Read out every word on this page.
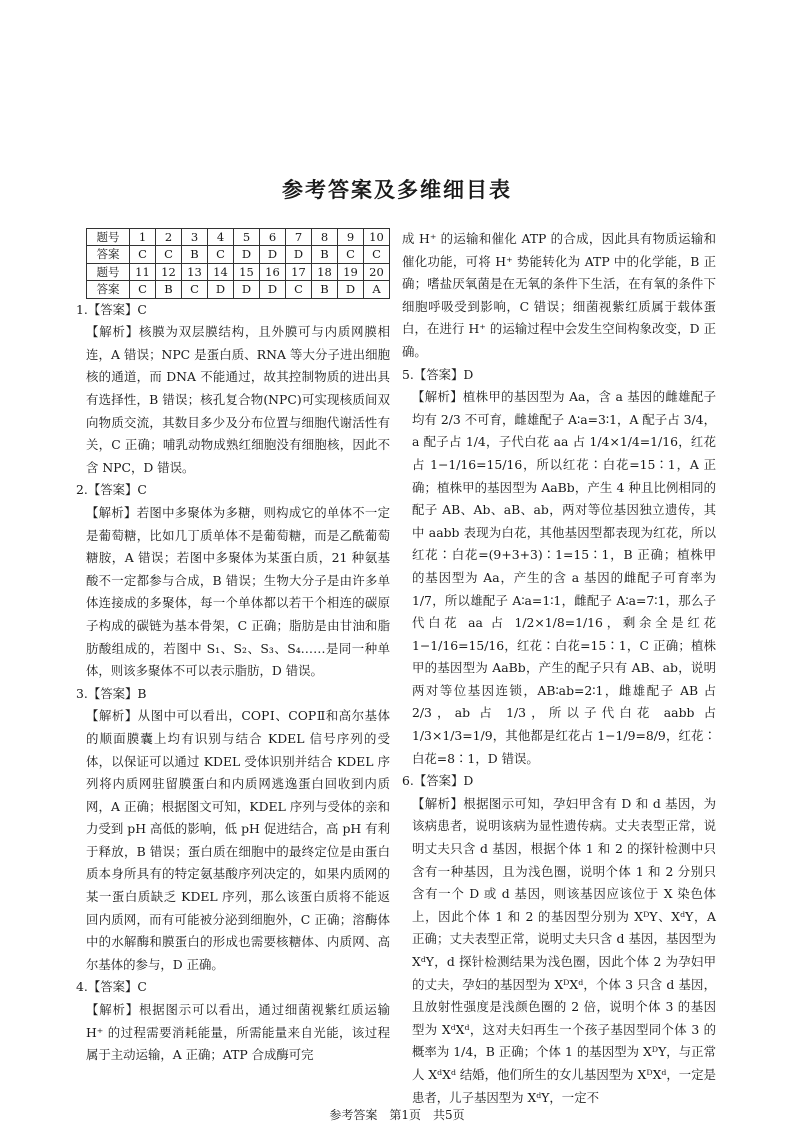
参考答案及多维细目表
题号	1	2	3	4	5	6	7	8	9	10
答案	C	C	B	C	D	D	D	B	C	C
题号	11	12	13	14	15	16	17	18	19	20
答案	C	B	C	D	D	D	C	B	D	A
1.【答案】C
【解析】核膜为双层膜结构，且外膜可与内质网膜相连，A 错误；NPC 是蛋白质、RNA 等大分子进出细胞核的通道，而 DNA 不能通过，故其控制物质的进出具有选择性，B 错误；核孔复合物(NPC)可实现核质间双向物质交流，其数目多少及分布位置与细胞代谢活性有关，C 正确；哺乳动物成熟红细胞没有细胞核，因此不含 NPC，D 错误。
2.【答案】C
【解析】若图中多聚体为多糖，则构成它的单体不一定是葡萄糖，比如几丁质单体不是葡萄糖，而是乙酰葡萄糖胺，A 错误；若图中多聚体为某蛋白质，21 种氨基酸不一定都参与合成，B 错误；生物大分子是由许多单体连接成的多聚体，每一个单体都以若干个相连的碳原子构成的碳链为基本骨架，C 正确；脂肪是由甘油和脂肪酸组成的，若图中 S₁、S₂、S₃、S₄……是同一种单体，则该多聚体不可以表示脂肪，D 错误。
3.【答案】B
【解析】从图中可以看出，COPⅠ、COPⅡ和高尔基体的顺面膜囊上均有识别与结合 KDEL 信号序列的受体，以保证可以通过 KDEL 受体识别并结合 KDEL 序列将内质网驻留膜蛋白和内质网逃逸蛋白回收到内质网，A 正确；根据图文可知，KDEL 序列与受体的亲和力受到 pH 高低的影响，低 pH 促进结合，高 pH 有利于释放，B 错误；蛋白质在细胞中的最终定位是由蛋白质本身所具有的特定氨基酸序列决定的，如果内质网的某一蛋白质缺乏 KDEL 序列，那么该蛋白质将不能返回内质网，而有可能被分泌到细胞外，C 正确；溶酶体中的水解酶和膜蛋白的形成也需要核糖体、内质网、高尔基体的参与，D 正确。
4.【答案】C
【解析】根据图示可以看出，通过细菌视紫红质运输 H⁺ 的过程需要消耗能量，所需能量来自光能，该过程属于主动运输，A 正确；ATP 合成酶可完
成 H⁺ 的运输和催化 ATP 的合成，因此具有物质运输和催化功能，可将 H⁺ 势能转化为 ATP 中的化学能，B 正确；嗜盐厌氧菌是在无氧的条件下生活，在有氧的条件下细胞呼吸受到影响，C 错误；细菌视紫红质属于载体蛋白，在进行 H⁺ 的运输过程中会发生空间构象改变，D 正确。
5.【答案】D
【解析】植株甲的基因型为 Aa，含 a 基因的雌雄配子均有 2/3 不可育，雌雄配子 A∶a=3∶1，A 配子占 3/4，a 配子占 1/4，子代白花 aa 占 1/4×1/4=1/16，红花占 1−1/16=15/16，所以红花∶白花=15∶1，A 正确；植株甲的基因型为 AaBb，产生 4 种且比例相同的配子 AB、Ab、aB、ab，两对等位基因独立遗传，其中 aabb 表现为白花，其他基因型都表现为红花，所以红花∶白花=(9+3+3)∶1=15∶1，B 正确；植株甲的基因型为 Aa，产生的含 a 基因的雌配子可育率为 1/7，所以雄配子 A∶a=1∶1，雌配子 A∶a=7∶1，那么子代白花 aa 占 1/2×1/8=1/16，剩余全是红花 1−1/16=15/16，红花∶白花=15∶1，C 正确；植株甲的基因型为 AaBb，产生的配子只有 AB、ab，说明两对等位基因连锁，AB∶ab=2∶1，雌雄配子 AB 占 2/3，ab 占 1/3，所以子代白花 aabb 占 1/3×1/3=1/9，其他都是红花占 1−1/9=8/9，红花∶白花=8∶1，D 错误。
6.【答案】D
【解析】根据图示可知，孕妇甲含有 D 和 d 基因，为该病患者，说明该病为显性遗传病。丈夫表型正常，说明丈夫只含 d 基因，根据个体 1 和 2 的探针检测中只含有一种基因，且为浅色圈，说明个体 1 和 2 分别只含有一个 D 或 d 基因，则该基因应该位于 X 染色体上，因此个体 1 和 2 的基因型分别为 XᴰY、XᵈY，A 正确；丈夫表型正常，说明丈夫只含 d 基因，基因型为 XᵈY，d 探针检测结果为浅色圈，因此个体 2 为孕妇甲的丈夫，孕妇的基因型为 XᴰXᵈ，个体 3 只含 d 基因，且放射性强度是浅颜色圈的 2 倍，说明个体 3 的基因型为 XᵈXᵈ，这对夫妇再生一个孩子基因型同个体 3 的概率为 1/4，B 正确；个体 1 的基因型为 XᴰY，与正常人 XᵈXᵈ 结婚，他们所生的女儿基因型为 XᴰXᵈ，一定是患者，儿子基因型为 XᵈY，一定不
参考答案　第1页　共5页
